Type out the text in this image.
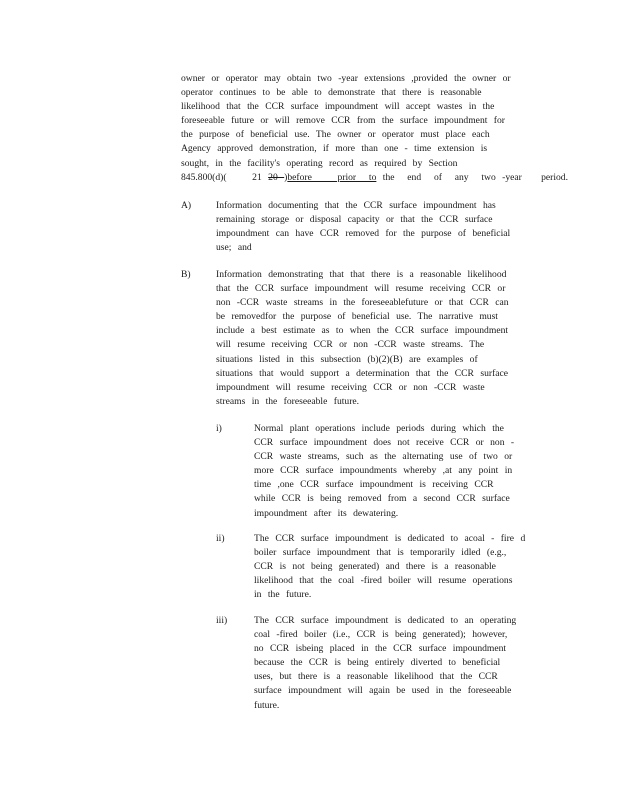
owner or operator may obtain two -year extensions ,provided the owner or
operator continues to be able to demonstrate that there is reasonable
likelihood that the CCR surface impoundment will accept wastes in the
foreseeable future or will remove CCR from the surface impoundment for
the purpose of beneficial use. The owner or operator must place each
Agency approved demonstration, if more than one - time extension is
sought, in the facility's operating record as required by Section
845.800(d)(    21 20 )before    prior  to the  end  of  any  two -year   period.
A)	Information documenting that the CCR surface impoundment has
remaining storage or disposal capacity or that the CCR surface
impoundment can have CCR removed for the purpose of beneficial
use; and
B)	Information demonstrating that that there is a reasonable likelihood
that the CCR surface impoundment will resume receiving CCR or
non -CCR waste streams in the foreseeablefuture or that CCR can
be removedfor the purpose of beneficial use. The narrative must
include a best estimate as to when the CCR surface impoundment
will resume receiving CCR or non -CCR waste streams. The
situations listed in this subsection (b)(2)(B) are examples of
situations that would support a determination that the CCR surface
impoundment will resume receiving CCR or non -CCR waste
streams in the foreseeable future.
i)	Normal plant operations include periods during which the
CCR surface impoundment does not receive CCR or non -
CCR waste streams, such as the alternating use of two or
more CCR surface impoundments whereby ,at any point in
time ,one CCR surface impoundment is receiving CCR
while CCR is being removed from a second CCR surface
impoundment after its dewatering.
ii)	The CCR surface impoundment is dedicated to acoal - fire d
boiler surface impoundment that is temporarily idled (e.g.,
CCR is not being generated) and there is a reasonable
likelihood that the coal -fired boiler will resume operations
in the future.
iii)	The CCR surface impoundment is dedicated to an operating
coal -fired boiler (i.e., CCR is being generated); however,
no CCR isbeing placed in the CCR surface impoundment
because the CCR is being entirely diverted to beneficial
uses, but there is a reasonable likelihood that the CCR
surface impoundment will again be used in the foreseeable
future.
